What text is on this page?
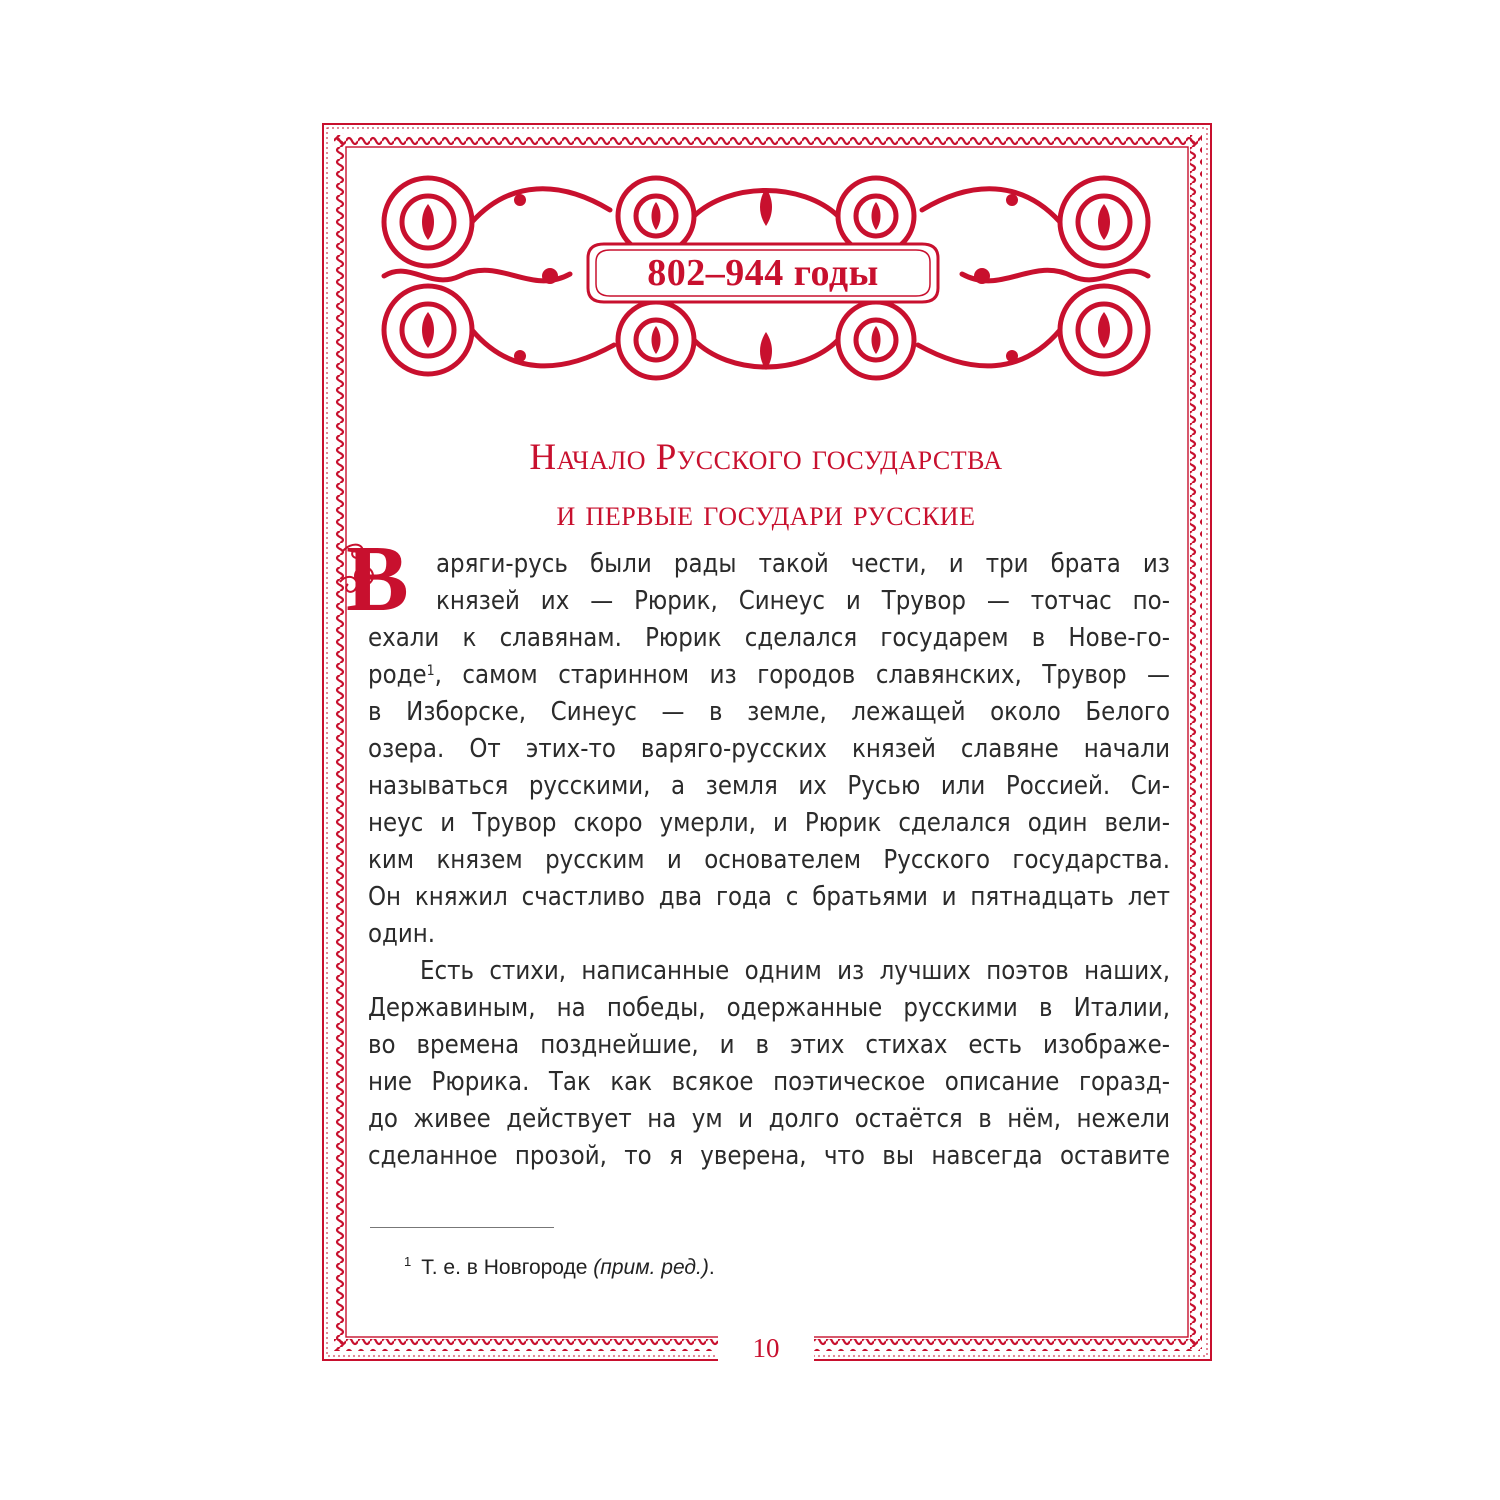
802–944 годы
Начало Русского государства
и первые государи русские
В	аряги-русь были рады такой чести, и три брата из
князей их — Рюрик, Синеус и Трувор — тотчас по-
ехали к славянам. Рюрик сделался государем в Нове-го-
роде$^1$, самом старинном из городов славянских, Трувор —
в Изборске, Синеус — в земле, лежащей около Белого
озера. От этих-то варяго-русских князей славяне начали
называться русскими, а земля их Русью или Россией. Си-
неус и Трувор скоро умерли, и Рюрик сделался один вели-
ким князем русским и основателем Русского государства.
Он княжил счастливо два года с братьями и пятнадцать лет
один.
Есть стихи, написанные одним из лучших поэтов наших,
Державиным, на победы, одержанные русскими в Италии,
во времена позднейшие, и в этих стихах есть изображе-
ние Рюрика. Так как всякое поэтическое описание горазд-
до живее действует на ум и долго остаётся в нём, нежели
сделанное прозой, то я уверена, что вы навсегда оставите
$^1$ Т. е. в Новгороде (прим. ред.).
10
